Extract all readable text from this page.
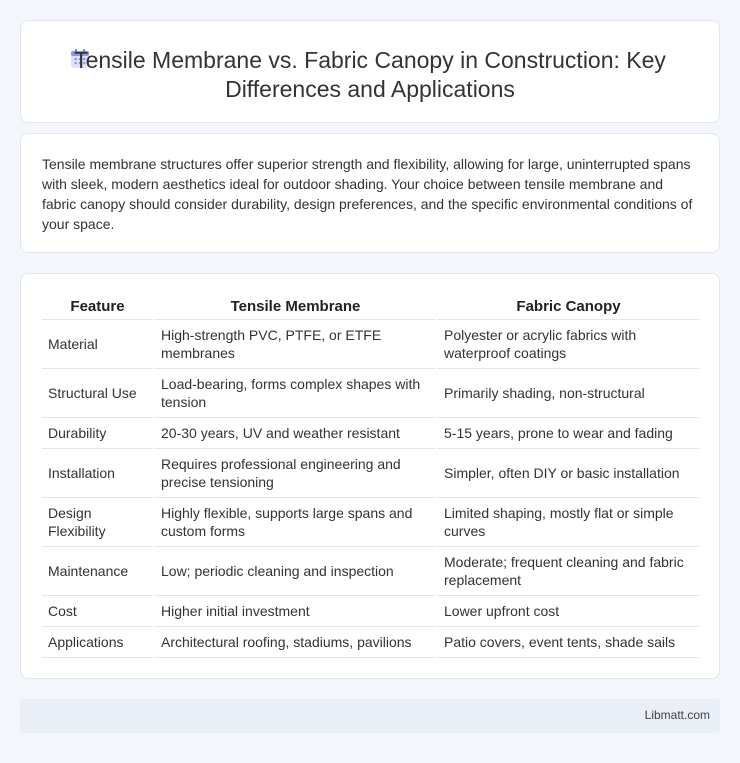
Tensile Membrane vs. Fabric Canopy in Construction: Key Differences and Applications

Tensile membrane structures offer superior strength and flexibility, allowing for large, uninterrupted spans with sleek, modern aesthetics ideal for outdoor shading. Your choice between tensile membrane and fabric canopy should consider durability, design preferences, and the specific environmental conditions of your space.

Feature	Tensile Membrane	Fabric Canopy
Material	High-strength PVC, PTFE, or ETFE membranes	Polyester or acrylic fabrics with waterproof coatings
Structural Use	Load-bearing, forms complex shapes with tension	Primarily shading, non-structural
Durability	20-30 years, UV and weather resistant	5-15 years, prone to wear and fading
Installation	Requires professional engineering and precise tensioning	Simpler, often DIY or basic installation
Design Flexibility	Highly flexible, supports large spans and custom forms	Limited shaping, mostly flat or simple curves
Maintenance	Low; periodic cleaning and inspection	Moderate; frequent cleaning and fabric replacement
Cost	Higher initial investment	Lower upfront cost
Applications	Architectural roofing, stadiums, pavilions	Patio covers, event tents, shade sails
Libmatt.com
